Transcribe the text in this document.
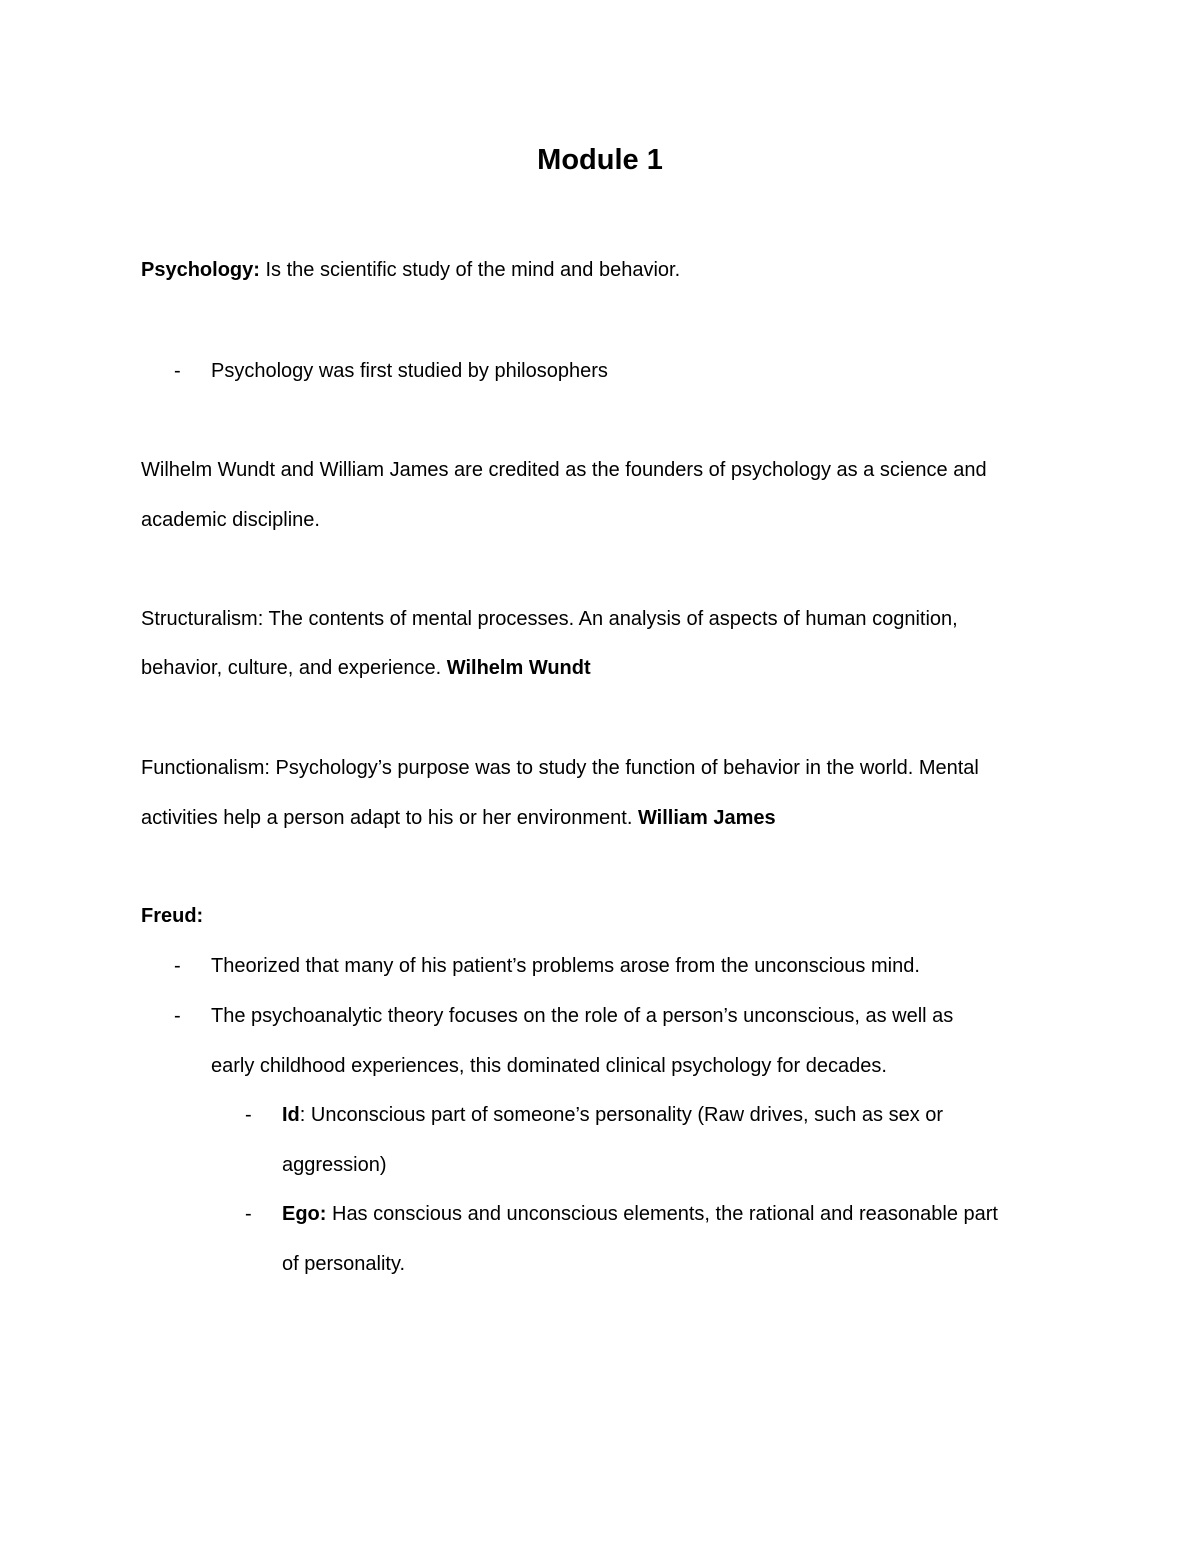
Module 1
Psychology: Is the scientific study of the mind and behavior.
- Psychology was first studied by philosophers
Wilhelm Wundt and William James are credited as the founders of psychology as a science and
academic discipline.
Structuralism: The contents of mental processes. An analysis of aspects of human cognition,
behavior, culture, and experience. Wilhelm Wundt
Functionalism: Psychology’s purpose was to study the function of behavior in the world. Mental
activities help a person adapt to his or her environment. William James
Freud:
- Theorized that many of his patient’s problems arose from the unconscious mind.
- The psychoanalytic theory focuses on the role of a person’s unconscious, as well as
early childhood experiences, this dominated clinical psychology for decades.
- Id: Unconscious part of someone’s personality (Raw drives, such as sex or
aggression)
- Ego: Has conscious and unconscious elements, the rational and reasonable part
of personality.
